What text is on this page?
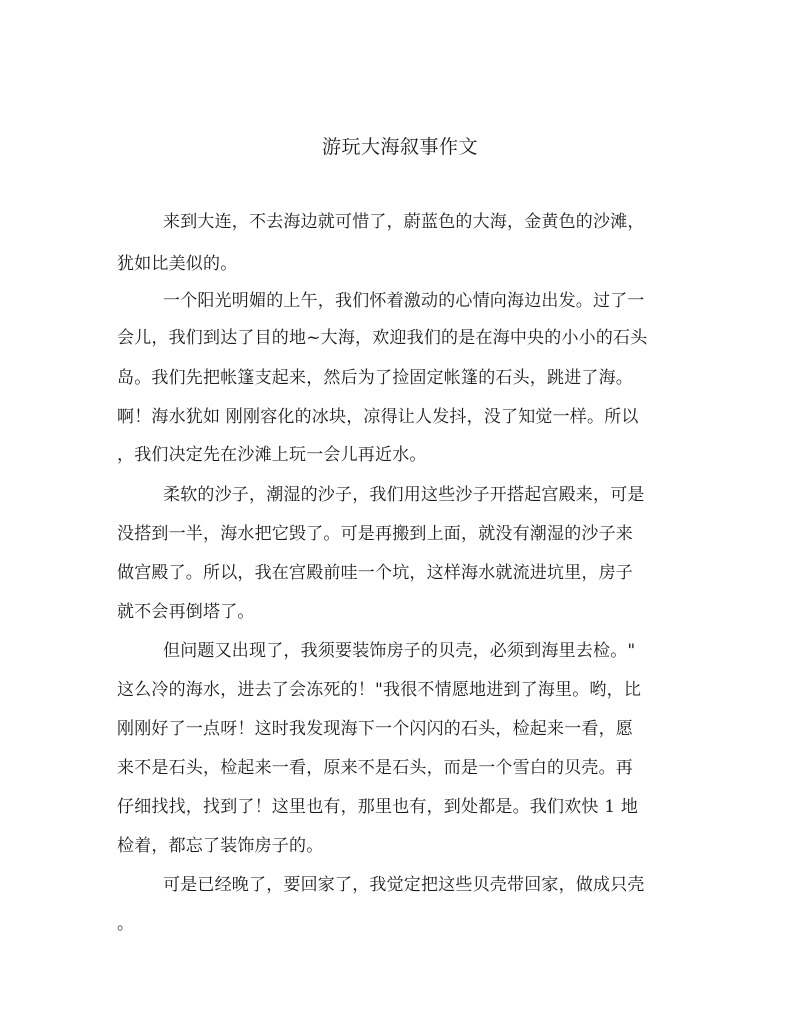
游玩大海叙事作文
来到大连，不去海边就可惜了，蔚蓝色的大海，金黄色的沙滩，
犹如比美似的。
一个阳光明媚的上午，我们怀着激动的心情向海边出发。过了一
会儿，我们到达了目的地~大海，欢迎我们的是在海中央的小小的石头
岛。我们先把帐篷支起来，然后为了捡固定帐篷的石头，跳进了海。
啊！海水犹如 刚刚容化的冰块，凉得让人发抖，没了知觉一样。所以
，我们决定先在沙滩上玩一会儿再近水。
柔软的沙子，潮湿的沙子，我们用这些沙子开搭起宫殿来，可是
没搭到一半，海水把它毁了。可是再搬到上面，就没有潮湿的沙子来
做宫殿了。所以，我在宫殿前哇一个坑，这样海水就流进坑里，房子
就不会再倒塔了。
但问题又出现了，我须要装饰房子的贝壳，必须到海里去检。"
这么冷的海水，进去了会冻死的！"我很不情愿地进到了海里。哟，比
刚刚好了一点呀！这时我发现海下一个闪闪的石头，检起来一看，愿
来不是石头，检起来一看，原来不是石头，而是一个雪白的贝壳。再
仔细找找，找到了！这里也有，那里也有，到处都是。我们欢快 1 地
检着，都忘了装饰房子的。
可是已经晚了，要回家了，我觉定把这些贝壳带回家，做成只壳
。
